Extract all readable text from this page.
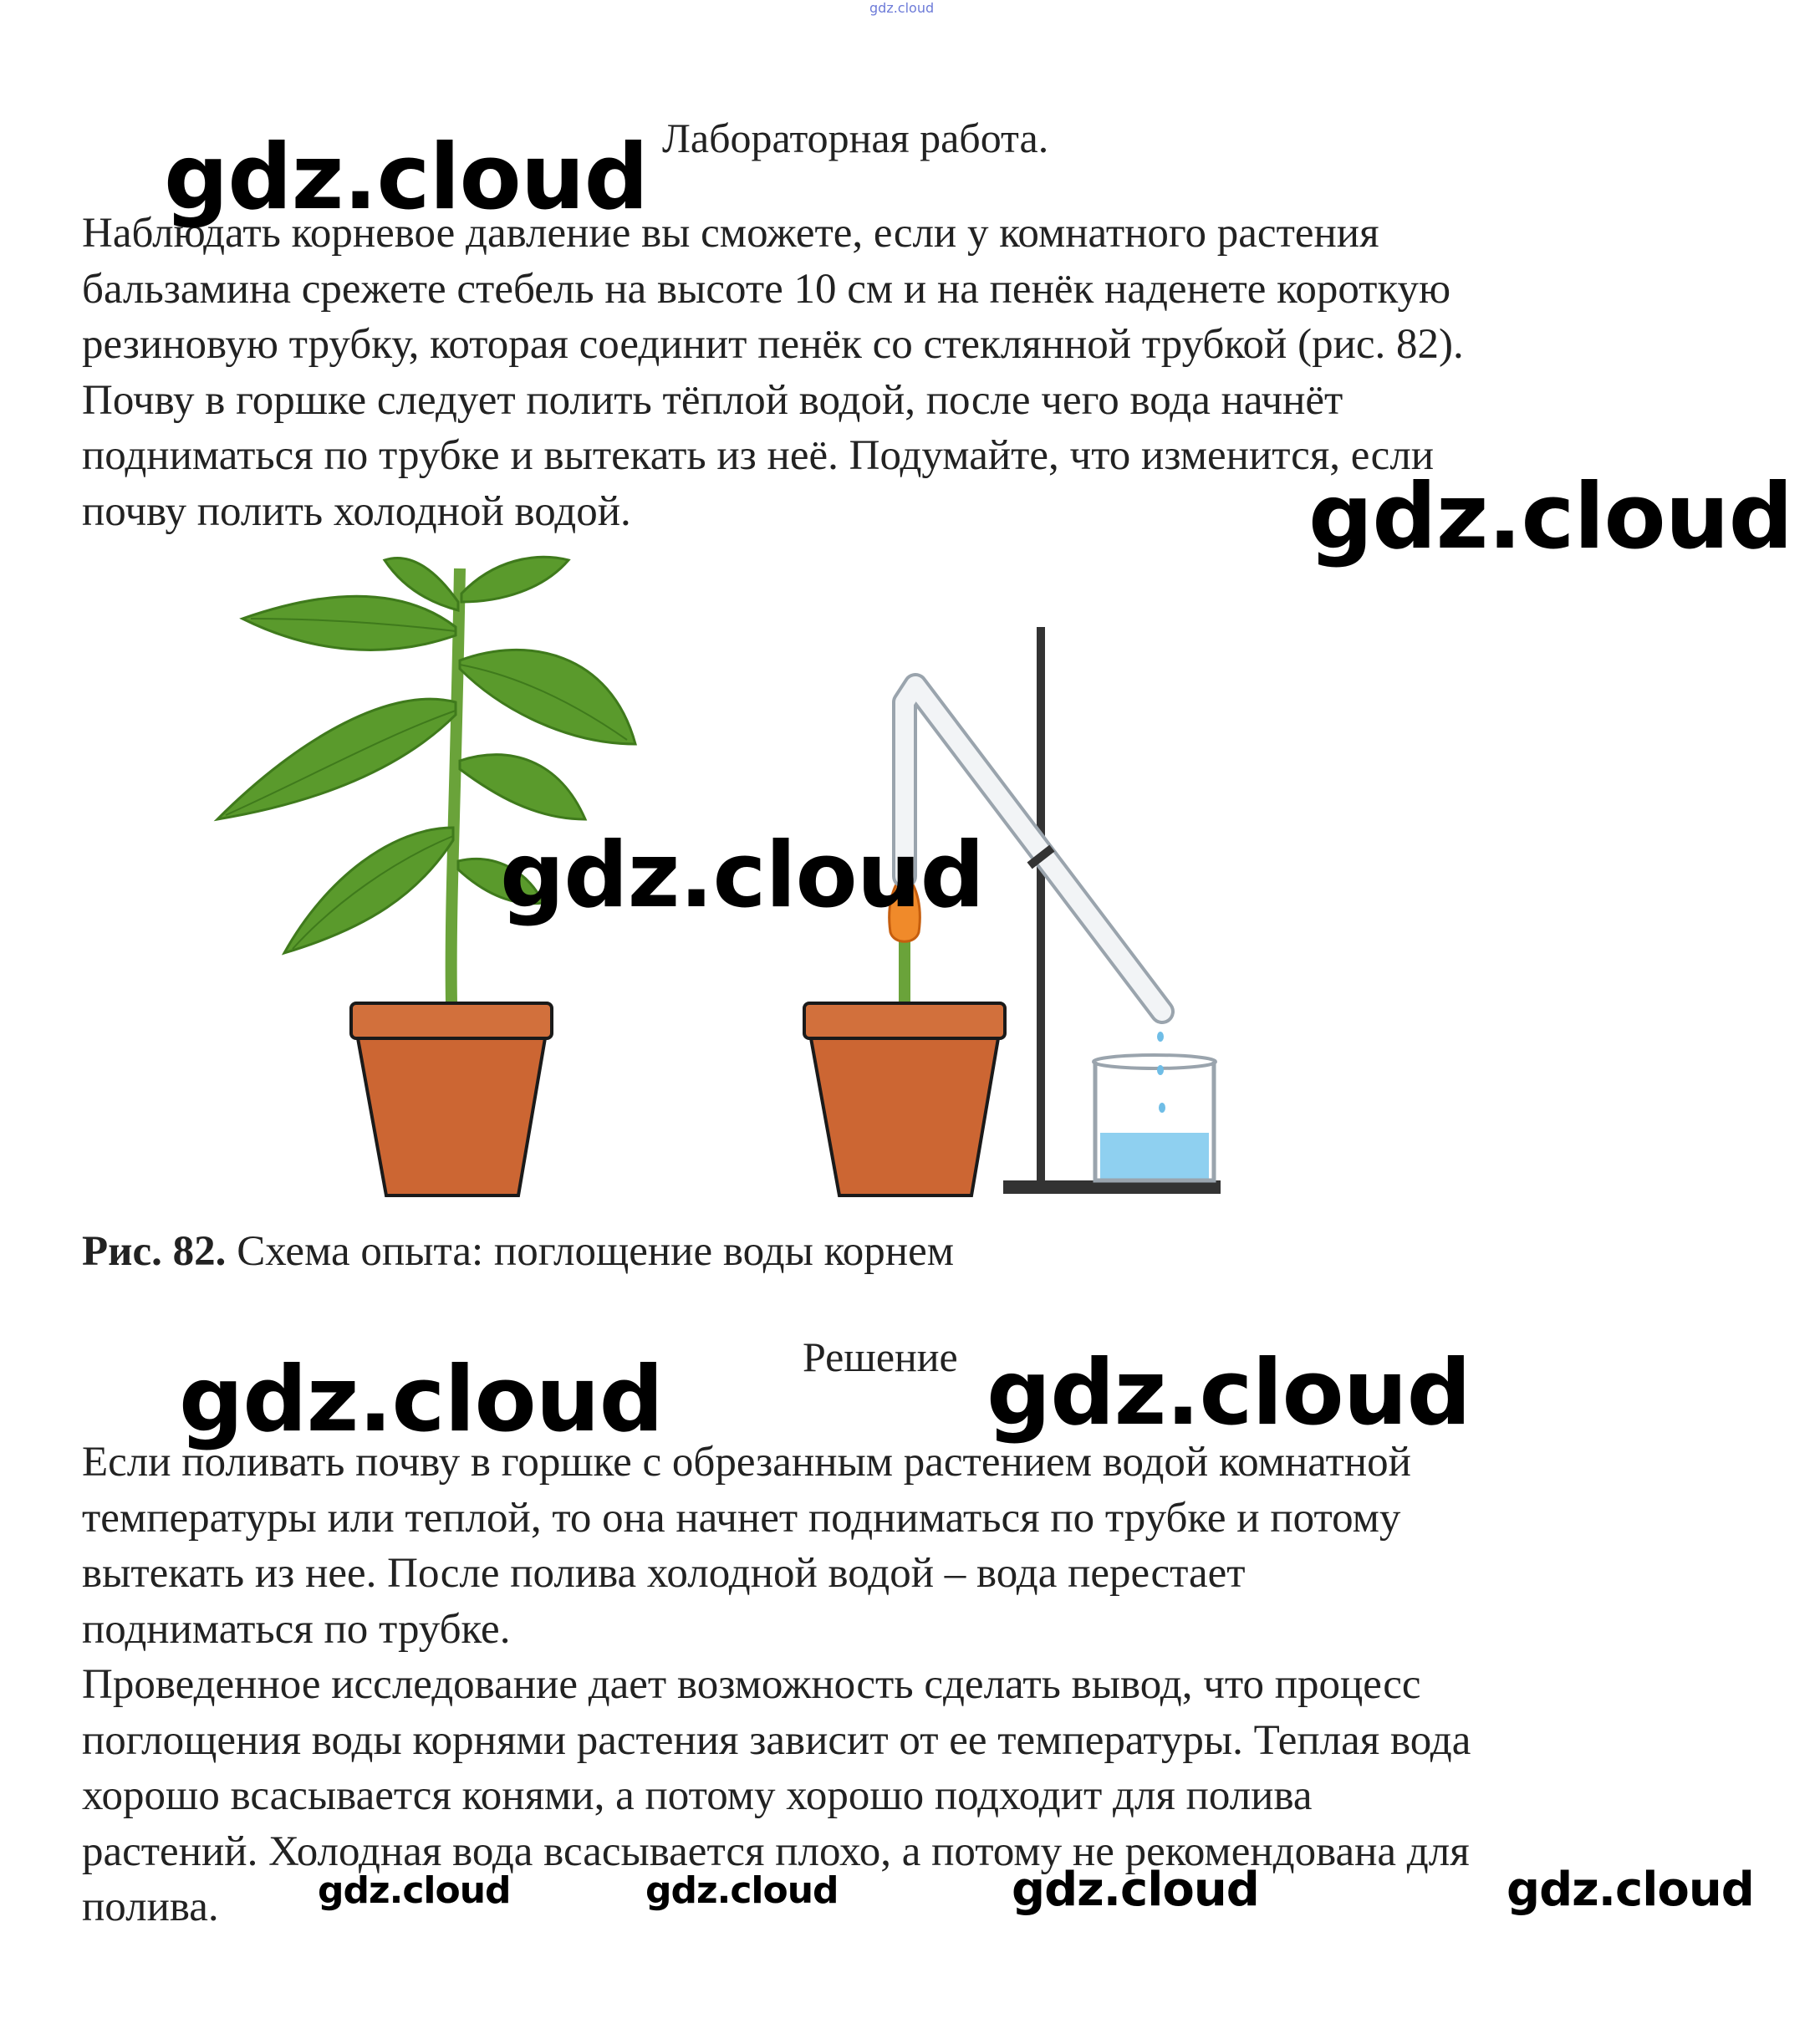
gdz.cloud
Лабораторная работа.
Наблюдать корневое давление вы сможете, если у комнатного растения
бальзамина срежете стебель на высоте 10 см и на пенёк наденете короткую
резиновую трубку, которая соединит пенёк со стеклянной трубкой (рис. 82).
Почву в горшке следует полить тёплой водой, после чего вода начнёт
подниматься по трубке и вытекать из неё. Подумайте, что изменится, если
почву полить холодной водой.
Рис. 82. Схема опыта: поглощение воды корнем
Решение
Если поливать почву в горшке с обрезанным растением водой комнатной
температуры или теплой, то она начнет подниматься по трубке и потому
вытекать из нее. После полива холодной водой – вода перестает
подниматься по трубке.
Проведенное исследование дает возможность сделать вывод, что процесс
поглощения воды корнями растения зависит от ее температуры. Теплая вода
хорошо всасывается конями, а потому хорошо подходит для полива
растений. Холодная вода всасывается плохо, а потому не рекомендована для
полива.
gdz.cloud
gdz.cloud
gdz.cloud
gdz.cloud	gdz.cloud
gdz.cloud	gdz.cloud	gdz.cloud	gdz.cloud
